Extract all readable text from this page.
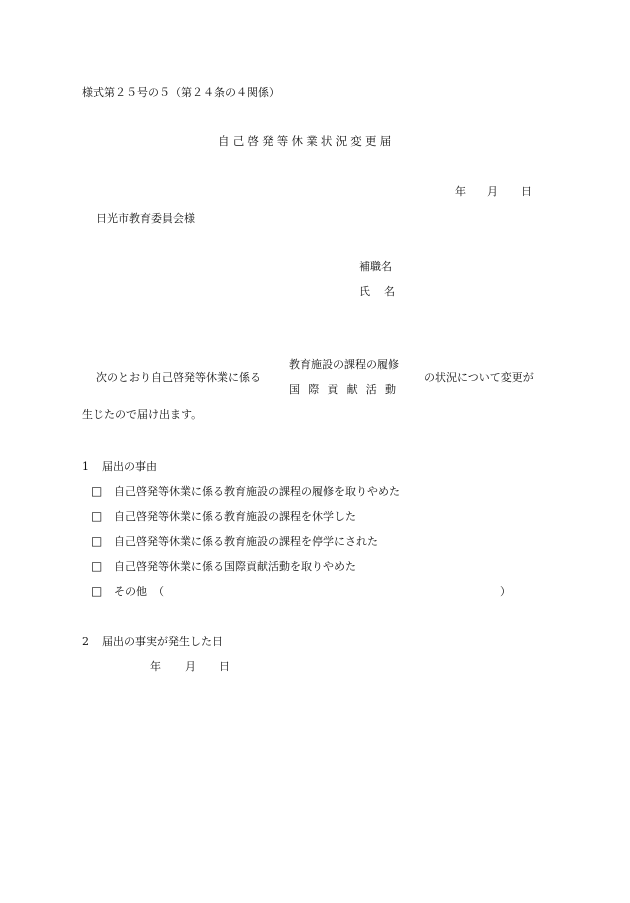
様式第２５号の５（第２４条の４関係）
自己啓発等休業状況変更届
年 月 日
日光市教育委員会様
補職名
氏 名
次のとおり自己啓発等休業に係る
教育施設の課程の履修
国際貢献活動
の状況について変更が
生じたので届け出ます。
1 届出の事由
□ 自己啓発等休業に係る教育施設の課程の履修を取りやめた
□ 自己啓発等休業に係る教育施設の課程を休学した
□ 自己啓発等休業に係る教育施設の課程を停学にされた
□ 自己啓発等休業に係る国際貢献活動を取りやめた
□ その他 （	）
2 届出の事実が発生した日
年 月 日
